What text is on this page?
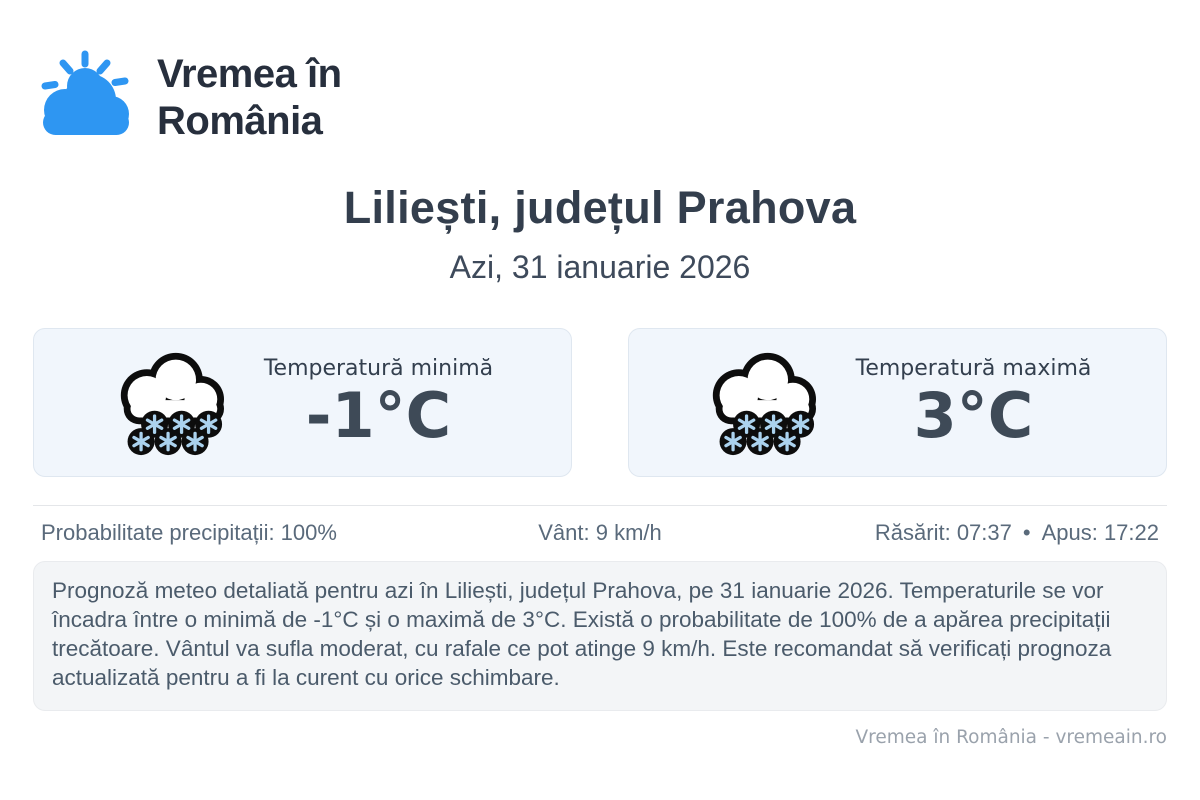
Vremea în
România
Liliești, județul Prahova
Azi, 31 ianuarie 2026
Temperatură minimă
-1°C
Temperatură maximă
3°C
Probabilitate precipitații: 100%	Vânt: 9 km/h	Răsărit: 07:37 • Apus: 17:22
Prognoză meteo detaliată pentru azi în Liliești, județul Prahova, pe 31 ianuarie 2026. Temperaturile se vor încadra între o minimă de -1°C și o maximă de 3°C. Există o probabilitate de 100% de a apărea precipitații trecătoare. Vântul va sufla moderat, cu rafale ce pot atinge 9 km/h. Este recomandat să verificați prognoza actualizată pentru a fi la curent cu orice schimbare.
Vremea în România - vremeain.ro
